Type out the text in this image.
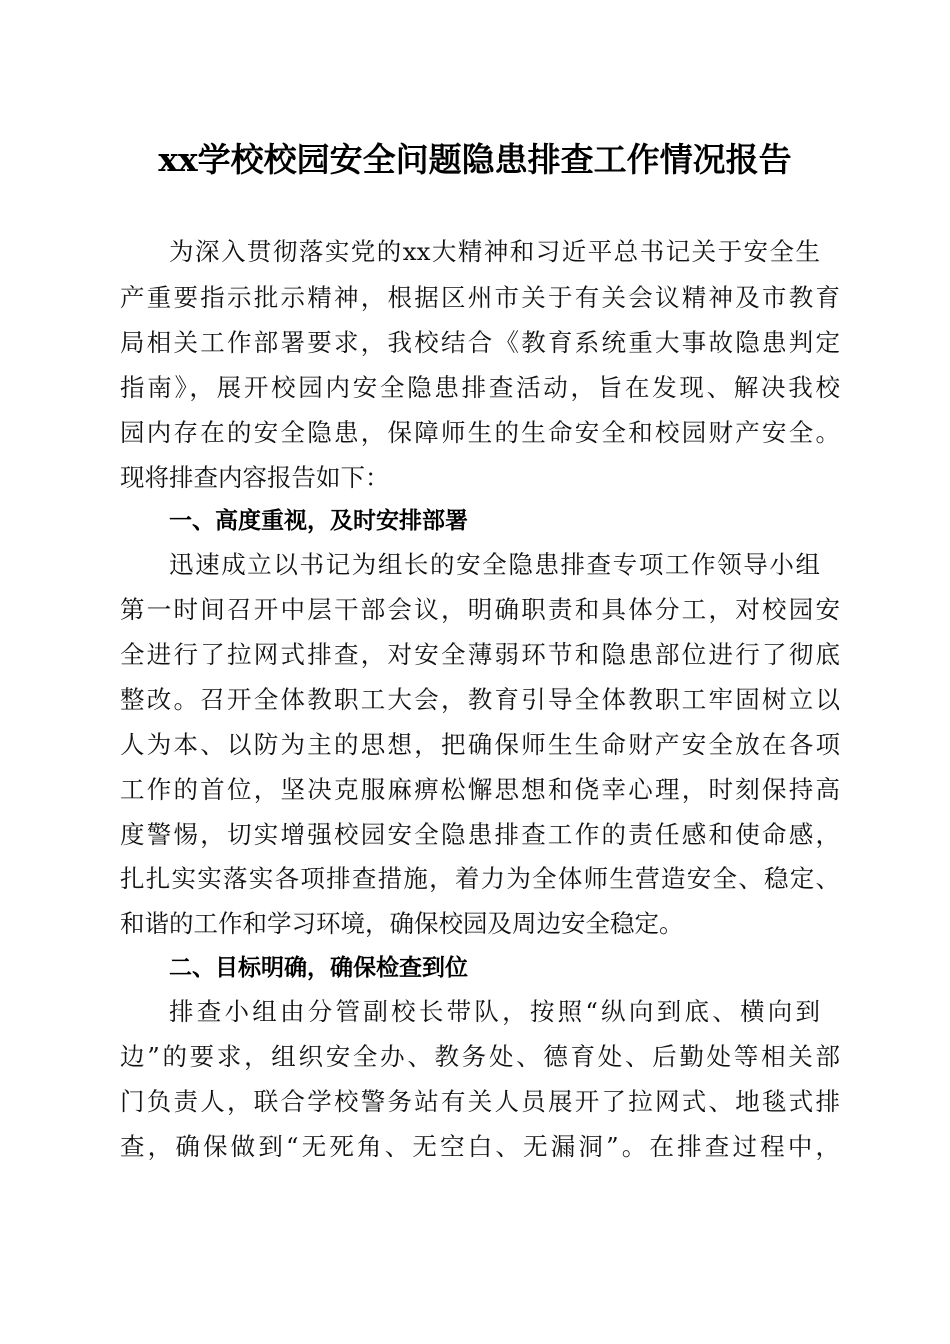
xx学校校园安全问题隐患排查工作情况报告
为深入贯彻落实党的xx大精神和习近平总书记关于安全生
产重要指示批示精神，根据区州市关于有关会议精神及市教育
局相关工作部署要求，我校结合《教育系统重大事故隐患判定
指南》，展开校园内安全隐患排查活动，旨在发现、解决我校
园内存在的安全隐患，保障师生的生命安全和校园财产安全。
现将排查内容报告如下：
一、高度重视，及时安排部署
迅速成立以书记为组长的安全隐患排查专项工作领导小组
第一时间召开中层干部会议，明确职责和具体分工，对校园安
全进行了拉网式排查，对安全薄弱环节和隐患部位进行了彻底
整改。召开全体教职工大会，教育引导全体教职工牢固树立以
人为本、以防为主的思想，把确保师生生命财产安全放在各项
工作的首位，坚决克服麻痹松懈思想和侥幸心理，时刻保持高
度警惕，切实增强校园安全隐患排查工作的责任感和使命感，
扎扎实实落实各项排查措施，着力为全体师生营造安全、稳定、
和谐的工作和学习环境，确保校园及周边安全稳定。
二、目标明确，确保检查到位
排查小组由分管副校长带队，按照“纵向到底、横向到
边”的要求，组织安全办、教务处、德育处、后勤处等相关部
门负责人，联合学校警务站有关人员展开了拉网式、地毯式排
查，确保做到“无死角、无空白、无漏洞”。在排查过程中，
